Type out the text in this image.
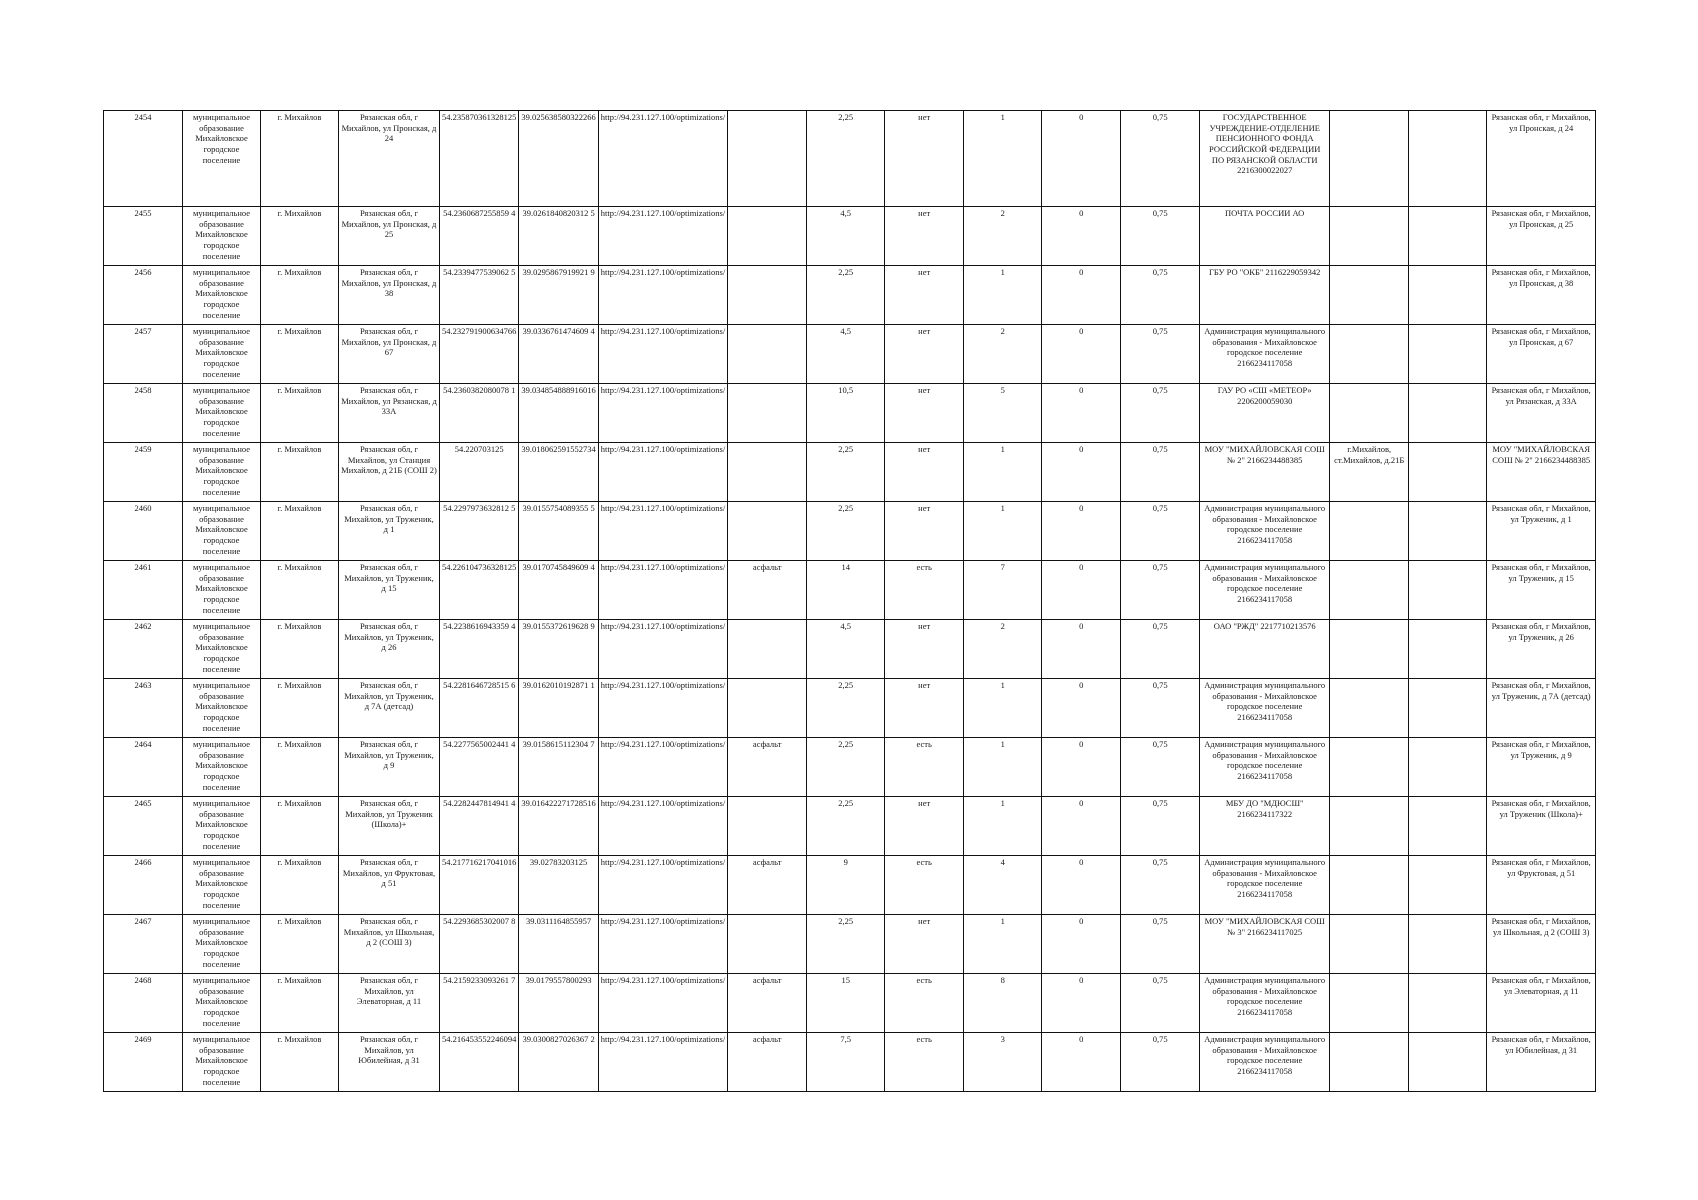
2454	муниципальное образование Михайловское городское поселение	г. Михайлов	Рязанская обл, г Михайлов, ул Пронская, д 24	54.235870361328125	39.025638580322266	http://94.231.127.100/optimizations/		2,25	нет	1	0	0,75	ГОСУДАРСТВЕННОЕ УЧРЕЖДЕНИЕ-ОТДЕЛЕНИЕ ПЕНСИОННОГО ФОНДА РОССИЙСКОЙ ФЕДЕРАЦИИ ПО РЯЗАНСКОЙ ОБЛАСТИ 2216300022027			Рязанская обл, г Михайлов, ул Пронская, д 24
2455	муниципальное образование Михайловское городское поселение	г. Михайлов	Рязанская обл, г Михайлов, ул Пронская, д 25	54.2360687255859 4	39.0261840820312 5	http://94.231.127.100/optimizations/		4,5	нет	2	0	0,75	ПОЧТА РОССИИ АО			Рязанская обл, г Михайлов, ул Пронская, д 25
2456	муниципальное образование Михайловское городское поселение	г. Михайлов	Рязанская обл, г Михайлов, ул Пронская, д 38	54.2339477539062 5	39.0295867919921 9	http://94.231.127.100/optimizations/		2,25	нет	1	0	0,75	ГБУ РО "ОКБ" 2116229059342			Рязанская обл, г Михайлов, ул Пронская, д 38
2457	муниципальное образование Михайловское городское поселение	г. Михайлов	Рязанская обл, г Михайлов, ул Пронская, д 67	54.232791900634766	39.0336761474609 4	http://94.231.127.100/optimizations/		4,5	нет	2	0	0,75	Администрация муниципального образования - Михайловское городское поселение 2166234117058			Рязанская обл, г Михайлов, ул Пронская, д 67
2458	муниципальное образование Михайловское городское поселение	г. Михайлов	Рязанская обл, г Михайлов, ул Рязанская, д 33А	54.2360382080078 1	39.034854888916016	http://94.231.127.100/optimizations/		10,5	нет	5	0	0,75	ГАУ РО «СШ «МЕТЕОР» 2206200059030			Рязанская обл, г Михайлов, ул Рязанская, д 33А
2459	муниципальное образование Михайловское городское поселение	г. Михайлов	Рязанская обл, г Михайлов, ул Станция Михайлов, д 21Б (СОШ 2)	54.220703125	39.018062591552734	http://94.231.127.100/optimizations/		2,25	нет	1	0	0,75	МОУ "МИХАЙЛОВСКАЯ СОШ № 2" 2166234488385	г.Михайлов, ст.Михайлов, д.21Б		МОУ "МИХАЙЛОВСКАЯ СОШ № 2" 2166234488385
2460	муниципальное образование Михайловское городское поселение	г. Михайлов	Рязанская обл, г Михайлов, ул Труженик, д 1	54.2297973632812 5	39.0155754089355 5	http://94.231.127.100/optimizations/		2,25	нет	1	0	0,75	Администрация муниципального образования - Михайловское городское поселение 2166234117058			Рязанская обл, г Михайлов, ул Труженик, д 1
2461	муниципальное образование Михайловское городское поселение	г. Михайлов	Рязанская обл, г Михайлов, ул Труженик, д 15	54.226104736328125	39.0170745849609 4	http://94.231.127.100/optimizations/	асфальт	14	есть	7	0	0,75	Администрация муниципального образования - Михайловское городское поселение 2166234117058			Рязанская обл, г Михайлов, ул Труженик, д 15
2462	муниципальное образование Михайловское городское поселение	г. Михайлов	Рязанская обл, г Михайлов, ул Труженик, д 26	54.2238616943359 4	39.0155372619628 9	http://94.231.127.100/optimizations/		4,5	нет	2	0	0,75	ОАО "РЖД" 2217710213576			Рязанская обл, г Михайлов, ул Труженик, д 26
2463	муниципальное образование Михайловское городское поселение	г. Михайлов	Рязанская обл, г Михайлов, ул Труженик, д 7А (детсад)	54.2281646728515 6	39.0162010192871 1	http://94.231.127.100/optimizations/		2,25	нет	1	0	0,75	Администрация муниципального образования - Михайловское городское поселение 2166234117058			Рязанская обл, г Михайлов, ул Труженик, д 7А (детсад)
2464	муниципальное образование Михайловское городское поселение	г. Михайлов	Рязанская обл, г Михайлов, ул Труженик, д 9	54.2277565002441 4	39.0158615112304 7	http://94.231.127.100/optimizations/	асфальт	2,25	есть	1	0	0,75	Администрация муниципального образования - Михайловское городское поселение 2166234117058			Рязанская обл, г Михайлов, ул Труженик, д 9
2465	муниципальное образование Михайловское городское поселение	г. Михайлов	Рязанская обл, г Михайлов, ул Труженик (Школа)+	54.2282447814941 4	39.016422271728516	http://94.231.127.100/optimizations/		2,25	нет	1	0	0,75	МБУ ДО "МДЮСШ" 2166234117322			Рязанская обл, г Михайлов, ул Труженик (Школа)+
2466	муниципальное образование Михайловское городское поселение	г. Михайлов	Рязанская обл, г Михайлов, ул Фруктовая, д 51	54.217716217041016	39.02783203125	http://94.231.127.100/optimizations/	асфальт	9	есть	4	0	0,75	Администрация муниципального образования - Михайловское городское поселение 2166234117058			Рязанская обл, г Михайлов, ул Фруктовая, д 51
2467	муниципальное образование Михайловское городское поселение	г. Михайлов	Рязанская обл, г Михайлов, ул Школьная, д 2 (СОШ 3)	54.2293685302007 8	39.0311164855957	http://94.231.127.100/optimizations/		2,25	нет	1	0	0,75	МОУ "МИХАЙЛОВСКАЯ СОШ № 3" 2166234117025			Рязанская обл, г Михайлов, ул Школьная, д 2 (СОШ 3)
2468	муниципальное образование Михайловское городское поселение	г. Михайлов	Рязанская обл, г Михайлов, ул Элеваторная, д 11	54.2159233093261 7	39.0179557800293	http://94.231.127.100/optimizations/	асфальт	15	есть	8	0	0,75	Администрация муниципального образования - Михайловское городское поселение 2166234117058			Рязанская обл, г Михайлов, ул Элеваторная, д 11
2469	муниципальное образование Михайловское городское поселение	г. Михайлов	Рязанская обл, г Михайлов, ул Юбилейная, д 31	54.216453552246094	39.0300827026367 2	http://94.231.127.100/optimizations/	асфальт	7,5	есть	3	0	0,75	Администрация муниципального образования - Михайловское городское поселение 2166234117058			Рязанская обл, г Михайлов, ул Юбилейная, д 31
